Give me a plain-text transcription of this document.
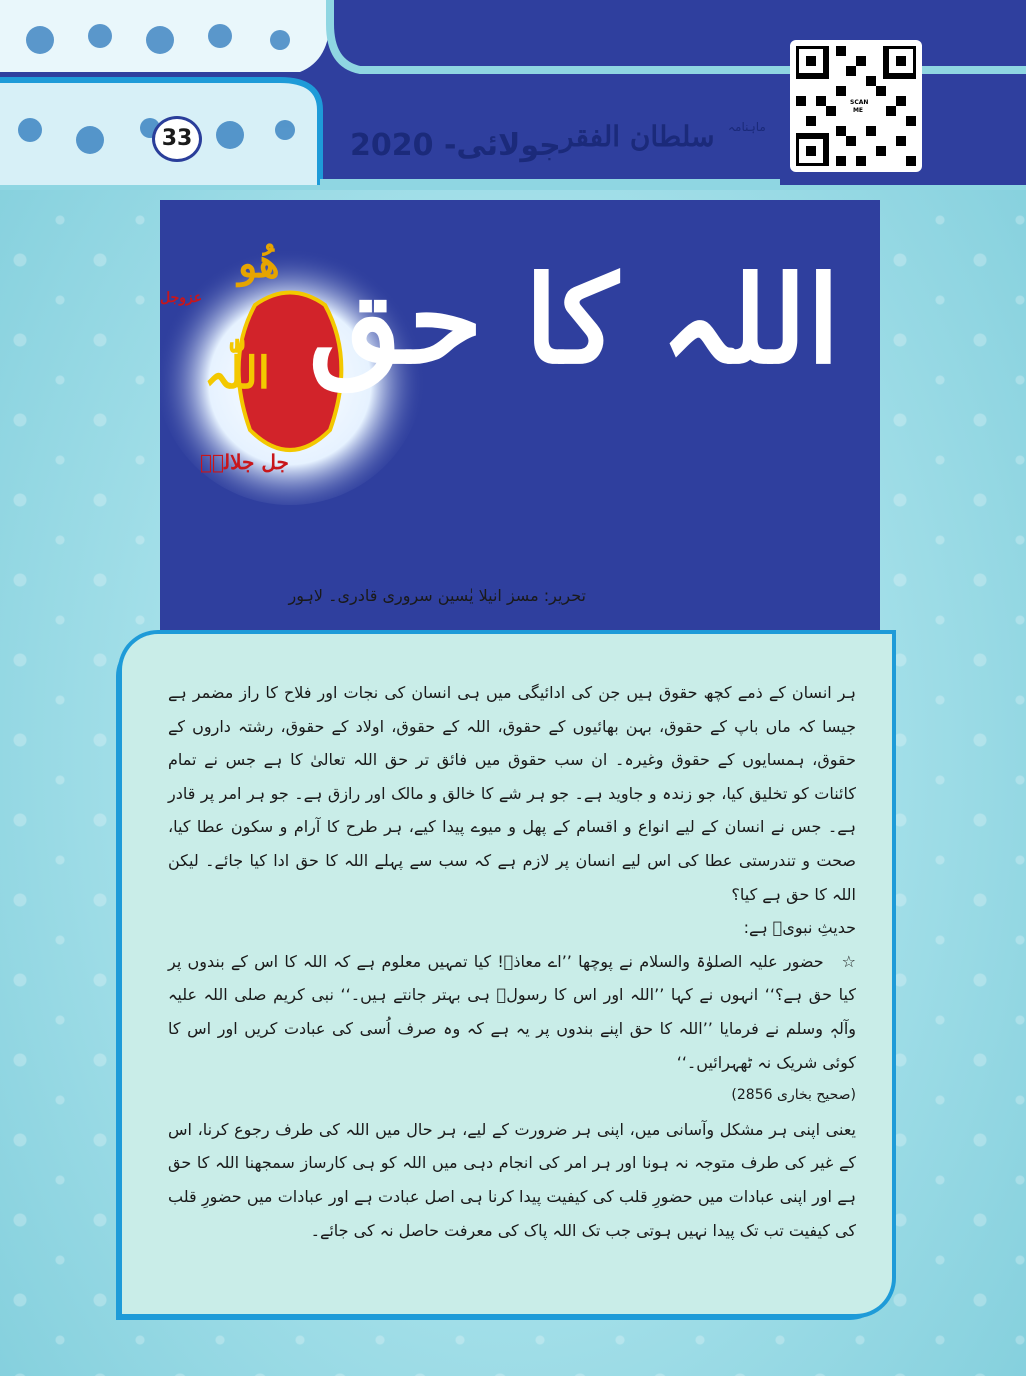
33	جولائی- 2020 سلطان الفقر ماہنامہ
SCAN ME
ھُو
اللّٰہ
جل جلالہٗ
عزوجل اللہ کا حق
تحریر: مسز انیلا یٰسین سروری قادری۔ لاہور

ہر انسان کے ذمے کچھ حقوق ہیں جن کی ادائیگی میں ہی انسان کی نجات اور فلاح کا راز مضمر ہے جیسا کہ ماں باپ کے حقوق، بہن بھائیوں کے حقوق، اللہ کے حقوق، اولاد کے حقوق، رشتہ داروں کے حقوق، ہمسایوں کے حقوق وغیرہ۔ ان سب حقوق میں فائق تر حق اللہ تعالیٰ کا ہے جس نے تمام کائنات کو تخلیق کیا، جو زندہ و جاوید ہے۔ جو ہر شے کا خالق و مالک اور رازق ہے۔ جو ہر امر پر قادر ہے۔ جس نے انسان کے لیے انواع و اقسام کے پھل و میوے پیدا کیے، ہر طرح کا آرام و سکون عطا کیا، صحت و تندرستی عطا کی اس لیے انسان پر لازم ہے کہ سب سے پہلے اللہ کا حق ادا کیا جائے۔ لیکن اللہ کا حق ہے کیا؟

حدیثِ نبویؐ ہے:

☆حضور علیہ الصلوٰۃ والسلام نے پوچھا ’’اے معاذؓ! کیا تمہیں معلوم ہے کہ اللہ کا اس کے بندوں پر کیا حق ہے؟‘‘ انہوں نے کہا ’’اللہ اور اس کا رسولؐ ہی بہتر جانتے ہیں۔‘‘ نبی کریم صلی اللہ علیہ وآلہٖ وسلم نے فرمایا ’’اللہ کا حق اپنے بندوں پر یہ ہے کہ وہ صرف اُسی کی عبادت کریں اور اس کا کوئی شریک نہ ٹھہرائیں۔‘‘

(صحیح بخاری 2856)

یعنی اپنی ہر مشکل وآسانی میں، اپنی ہر ضرورت کے لیے، ہر حال میں اللہ کی طرف رجوع کرنا، اس کے غیر کی طرف متوجہ نہ ہونا اور ہر امر کی انجام دہی میں اللہ کو ہی کارساز سمجھنا اللہ کا حق ہے اور اپنی عبادات میں حضورِ قلب کی کیفیت پیدا کرنا ہی اصل عبادت ہے اور عبادات میں حضورِ قلب کی کیفیت تب تک پیدا نہیں ہوتی جب تک اللہ پاک کی معرفت حاصل نہ کی جائے۔
